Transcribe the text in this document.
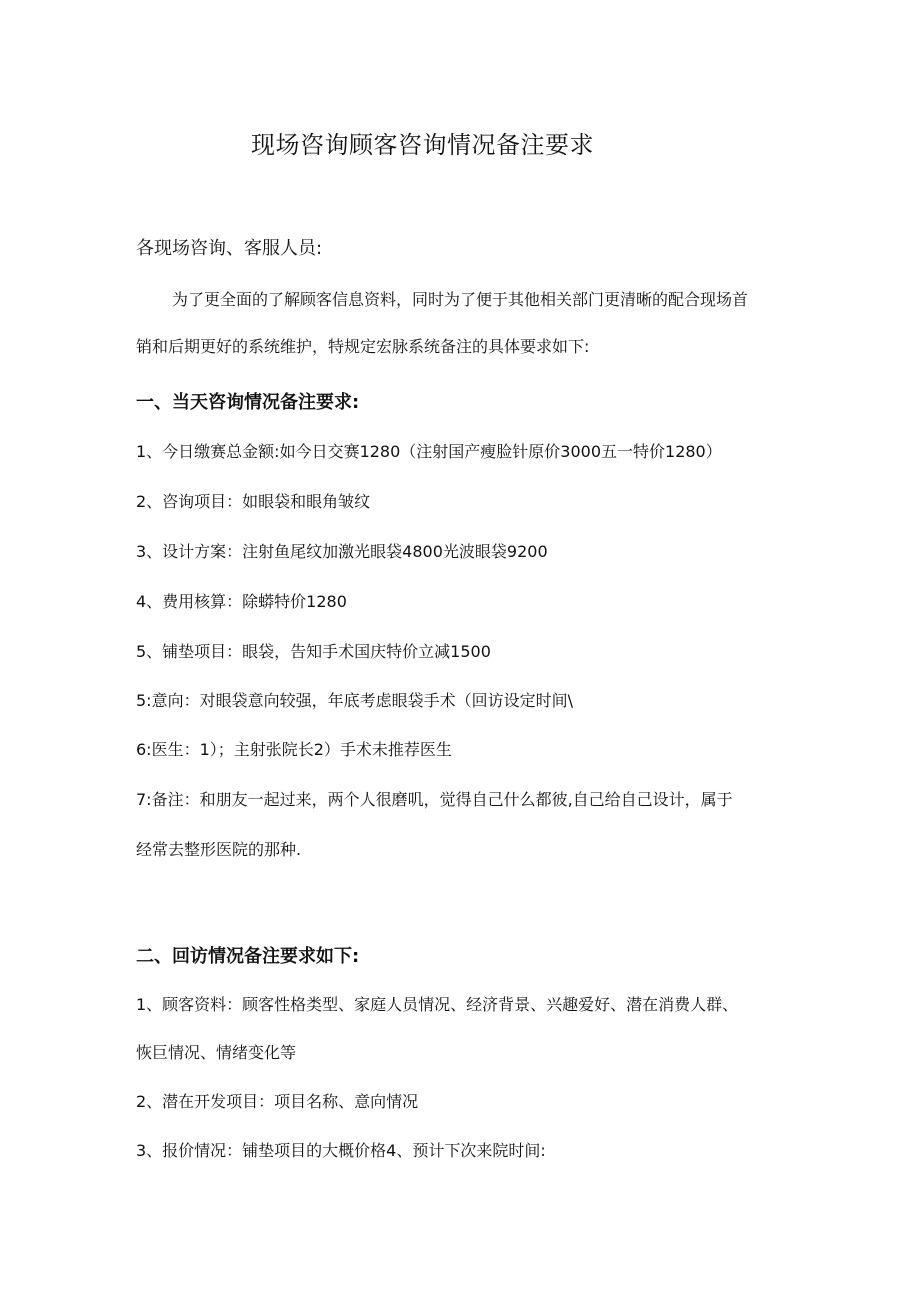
现场咨询顾客咨询情况备注要求

各现场咨询、客服人员:

为了更全面的了解顾客信息资料，同时为了便于其他相关部门更清晰的配合现场首

销和后期更好的系统维护，特规定宏脉系统备注的具体要求如下:

一、当天咨询情况备注要求:

1、今日缴赛总金额:如今日交赛1280（注射国产瘦脸针原价3000五一特价1280）

2、咨询项目：如眼袋和眼角皱纹

3、设计方案：注射鱼尾纹加激光眼袋4800光波眼袋9200

4、费用核算：除蟒特价1280

5、铺垫项目：眼袋，告知手术国庆特价立减1500

5:意向：对眼袋意向较强，年底考虑眼袋手术（回访设定时间\

6:医生：1）；主射张院长2）手术未推荐医生

7:备注：和朋友一起过来，两个人很磨叽，觉得自己什么都彼,自己给自己设计，属于

经常去整形医院的那种.

二、回访情况备注要求如下:

1、顾客资料：顾客性格类型、家庭人员情况、经济背景、兴趣爱好、潜在消费人群、

恢巨情况、情绪变化等

2、潜在开发项目：项目名称、意向情况

3、报价情况：铺垫项目的大概价格4、预计下次来院时间:
